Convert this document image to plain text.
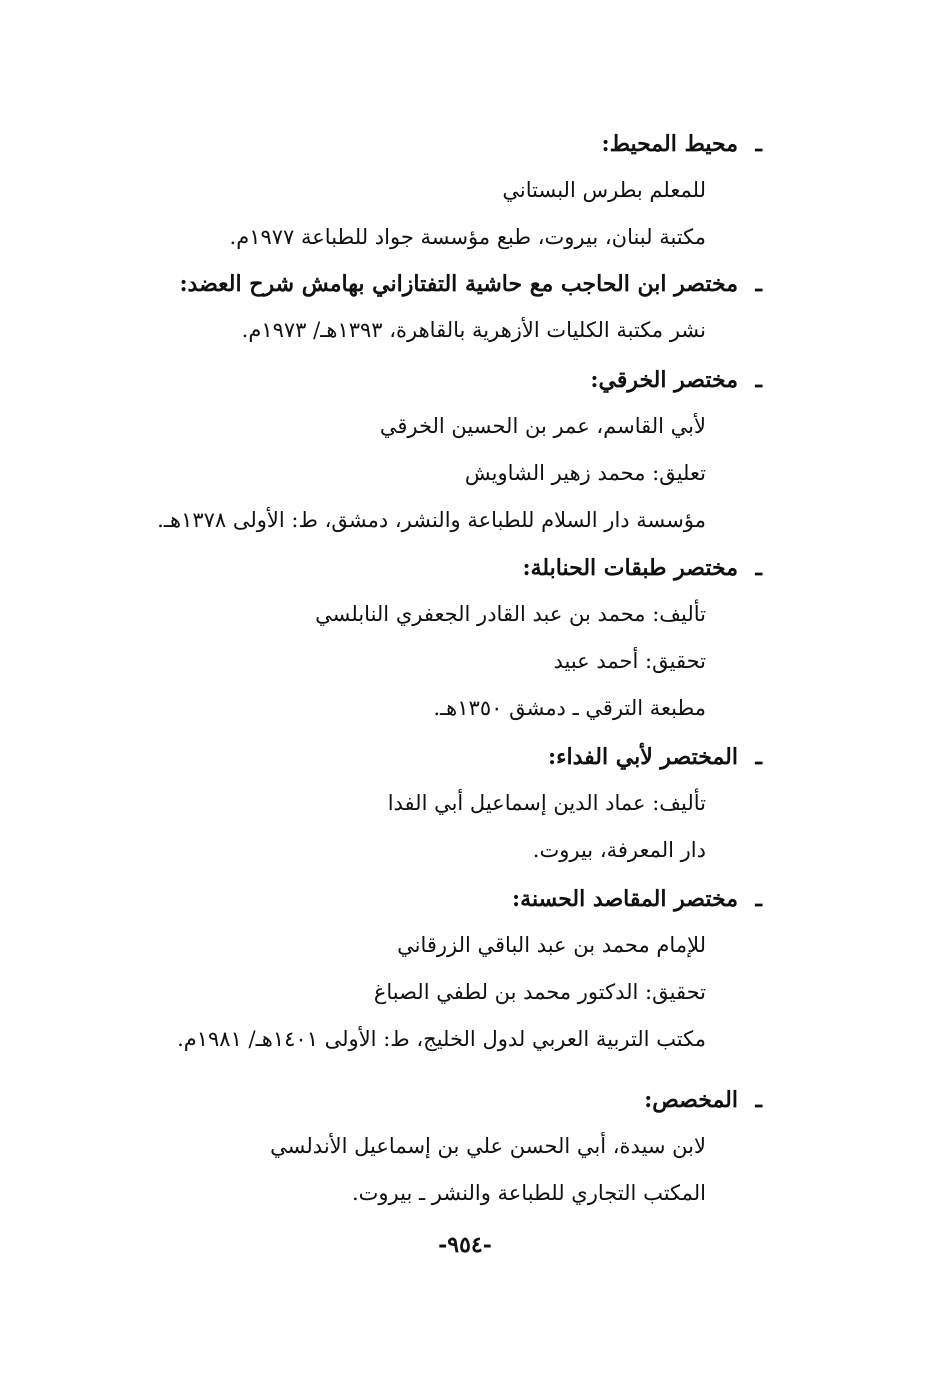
ـ
محيط المحيط:
للمعلم بطرس البستاني
مكتبة لبنان، بيروت، طبع مؤسسة جواد للطباعة ١٩٧٧م.
ـ
مختصر ابن الحاجب مع حاشية التفتازاني بهامش شرح العضد:
نشر مكتبة الكليات الأزهرية بالقاهرة، ١٣٩٣هـ/ ١٩٧٣م.
ـ
مختصر الخرقي:
لأبي القاسم، عمر بن الحسين الخرقي
تعليق: محمد زهير الشاويش
مؤسسة دار السلام للطباعة والنشر، دمشق، ط: الأولى ١٣٧٨هـ.
ـ
مختصر طبقات الحنابلة:
تأليف: محمد بن عبد القادر الجعفري النابلسي
تحقيق: أحمد عبيد
مطبعة الترقي ـ دمشق ١٣٥٠هـ.
ـ
المختصر لأبي الفداء:
تأليف: عماد الدين إسماعيل أبي الفدا
دار المعرفة، بيروت.
ـ
مختصر المقاصد الحسنة:
للإمام محمد بن عبد الباقي الزرقاني
تحقيق: الدكتور محمد بن لطفي الصباغ
مكتب التربية العربي لدول الخليج، ط: الأولى ١٤٠١هـ/ ١٩٨١م.
ـ
المخصص:
لابن سيدة، أبي الحسن علي بن إسماعيل الأندلسي
المكتب التجاري للطباعة والنشر ـ بيروت.
-٩٥٤-
